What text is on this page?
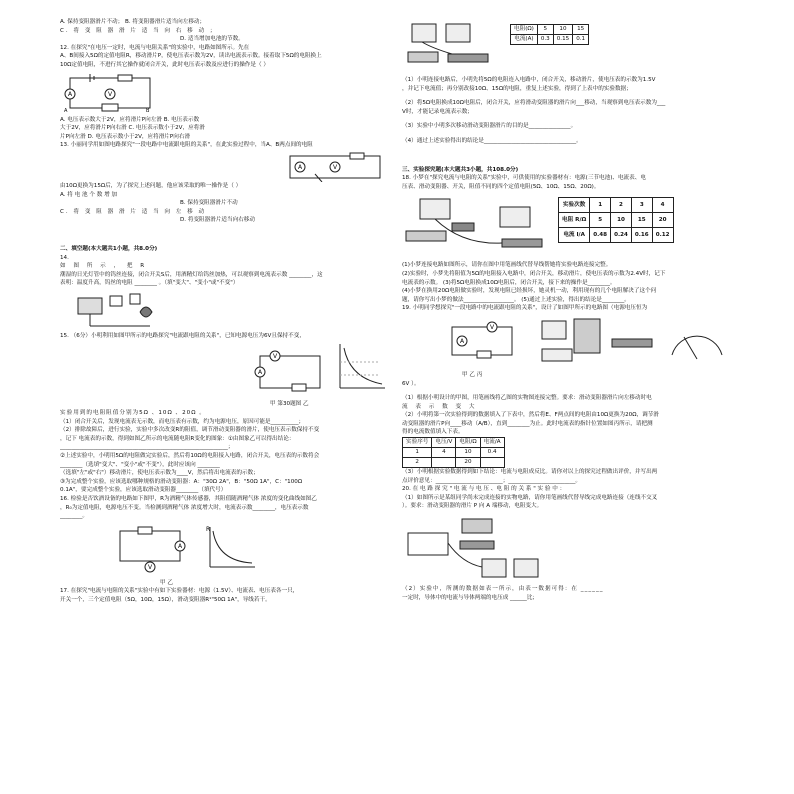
A. 保持变阻器滑片不动； B. 将变阻器滑片适当向左移动；
C. 将 变 阻 器 滑 片 适 当 向 右 移 动 ；
D. 适当增加电池的节数。
12. 在探究"在电压一定时，电流与电阻关系"的实验中，电路如图所示。先在
A、B间接入5Ω的定值电阻R，移动滑片P，使电压表示数为2V，读出电流表示数。接着取下5Ω的电阻换上
10Ω定值电阻，不进行其它操作就闭合开关，此时电压表示数及应进行的操作是（ ）
A	V
A	B
A. 电压表示数大于2V，应将滑片P向左滑 B. 电压表示数
大于2V，应将滑片P向右滑 C. 电压表示数小于2V，应将滑
片P向左滑 D. 电压表示数小于2V，应将滑片P向右滑
13. 小丽同学用如图电路探究"一段电路中电流跟电阻的关系"，在此实验过程中，当A、B两点间的电阻
A	V
由10Ω更换为15Ω后，为了探究上述问题，他应该采取的唯一操作是（ ）
A. 将 电 池 个 数 增 加
B. 保持变阻器滑片不动
C. 将 变 阻 器 滑 片 适 当 向 左 移 动
D. 将变阻器滑片适当向右移动
二、填空题(本大题共1小题，共8.0分)
14.
如 图 所 示 ， 把 R
潮湿的日光灯管中的钨丝连接，闭合开关S后，用酒精灯给钨丝加热，可以观察到电流表示数 ________，这
表明：温度升高，钨丝的电阻 ________ 。（填"变大"、"变小"或"不变"）
15. （6分）小明利用如图甲所示的电路探究"电流跟电阻的关系"，已知电源电压为6V且保持不变，
V
A
甲 第30题图 乙
实验用到的电阻阻值分别为5Ω 、10Ω 、20Ω 。
（1）闭合开关后，发现电流表无示数，而电压表有示数，约为电源电压，原因可能是__________；
（2）排除故障后，进行实验，实验中多次改变R的阻值，调节滑动变阻器的滑片，使电压表示数保持不变
，记下 电流表的示数，得到如图乙所示的电流随电阻R变化的图象：①由图象乙可以得出结论：
____________________________________________________________；
②上述实验中，小明用5Ω的电阻做完实验后，然后将10Ω的电阻接入电路，闭合开关，电压表的示数将会
________（选填"变大"、"变小"或"不变"），此时应该向 ________
（选填"左"或"右"）移动滑片，使电压表示数为____V，然后将出电流表的示数；
③为完成整个实验，应该选取哪种规格的滑动变阻器：A："30Ω 2A"，B："50Ω 1A"，C："100Ω
0.1A"，要完成整个实验，应该选取滑动变阻器________（填代号）
16. 检验是否饮酒设备的电路如下图甲，R为酒精气体传感器，其阻值随酒精气体 浓度的变化曲线如图乙
，R₀为定值电阻，电源电压不变。当检测到酒精气体 浓度增大时，电流表示数________，电压表示数
________。
A
V
R
甲 乙
17. 在探究"电流与电阻的关系"实验中有如下实验器材：电源（1.5V）、电流表、电压表各一只，
开关一个，三个定值电阻（5Ω，10Ω，15Ω），滑动变阻器R¹"50Ω 1A"，导线若干。
电阻(Ω)	5	10	15
电流(A)	0.3	0.15	0.1
（1）小明连接电路后，小明先将5Ω的电阻连入电路中，闭合开关，移动滑片，使电压表的示数为1.5V
，并记下电流值；再分别改接10Ω、15Ω的电阻，重复上述实验，得到了上表中的实验数据；
（2）将5Ω电阻换成10Ω电阻后，闭合开关，应将滑动变阻器的滑片向___移动，当观察到电压表示数为___
V时，才能记录电流表示数；
（3）实验中小明多次移动滑动变阻器滑片的目的是_______________。
（4）通过上述实验得出的结论是_________________________________。
三、实验探究题(本大题共3小题，共108.0分)
18. 小梦在"探究电流与电阻的关系"实验中，可供使用的实验器材有：电源(三节电池)、电流表、电
压表、滑动变阻器、开关，阻值不同的四个定值电阻(5Ω、10Ω、15Ω、20Ω)。
实验次数	1	2	3	4
电阻 R/Ω	5	10	15	20
电流 I/A	0.48	0.24	0.16	0.12
(1)小梦连接电路如图所示，请你在图中用笔画线代替导线帮她将实验电路连接完整。
(2)实验时，小梦先将阻值为5Ω的电阻接入电路中，闭合开关，移动滑片，使电压表的示数为2.4V时，记下
电流表的示数。 (3)将5Ω电阻换成10Ω电阻后，闭合开关，接下来的操作是________。
(4)小梦在换用20Ω电阻做实验时，发现电阻已经损坏，她灵机一动，利用现有的几个电阻解决了这个问
题，请你写出小梦的做法__________________。 (5)通过上述实验，得出的结论是________。
19. 小明同学想探究"一段电路中的电流跟电阻的关系"，设计了如图甲所示的电路图（电源电压恒为
A
V
甲 乙 丙
6V ）。
（1）根据小明设计的甲图，用笔画线将乙图的实物图连接完整。要求：滑动变阻器滑片向左移动时电
流 表 示 数 变 大
（2）小明将第一次实验得到的数据填入了下表中，然后将E、F两点间的电阻由10Ω更换为20Ω，调节滑
动变阻器的滑片P向____移动（A/B），直到________为止。此时电流表的指针位置如图丙所示，请把测
得的电流数值填入下表。
实验序号	电压/V	电阻/Ω	电流/A
1	4	10	0.4
2		20	
（3）小明根据实验数据得到如下结论：电流与电阻成反比。请你对以上的探究过程做出评价，并写出两
点评价意见：________________________；________________________。
20. 在 电 路 探 究 " 电 流 与 电 压 、电 阻 的 关 系 " 实 验 中 ：
（1）如图所示是某组同学尚未完成连接的实物电路，请你用笔画线代替导线完成电路连接（连线不交叉
）。要求：滑动变阻器的滑片 P 向 A 端移动，电阻变大。
（2）实验中，所测的数据如表一所示，由表一数据可得：在 ______
一定时，导体中的电流与导体两端的电压成 ______比；
